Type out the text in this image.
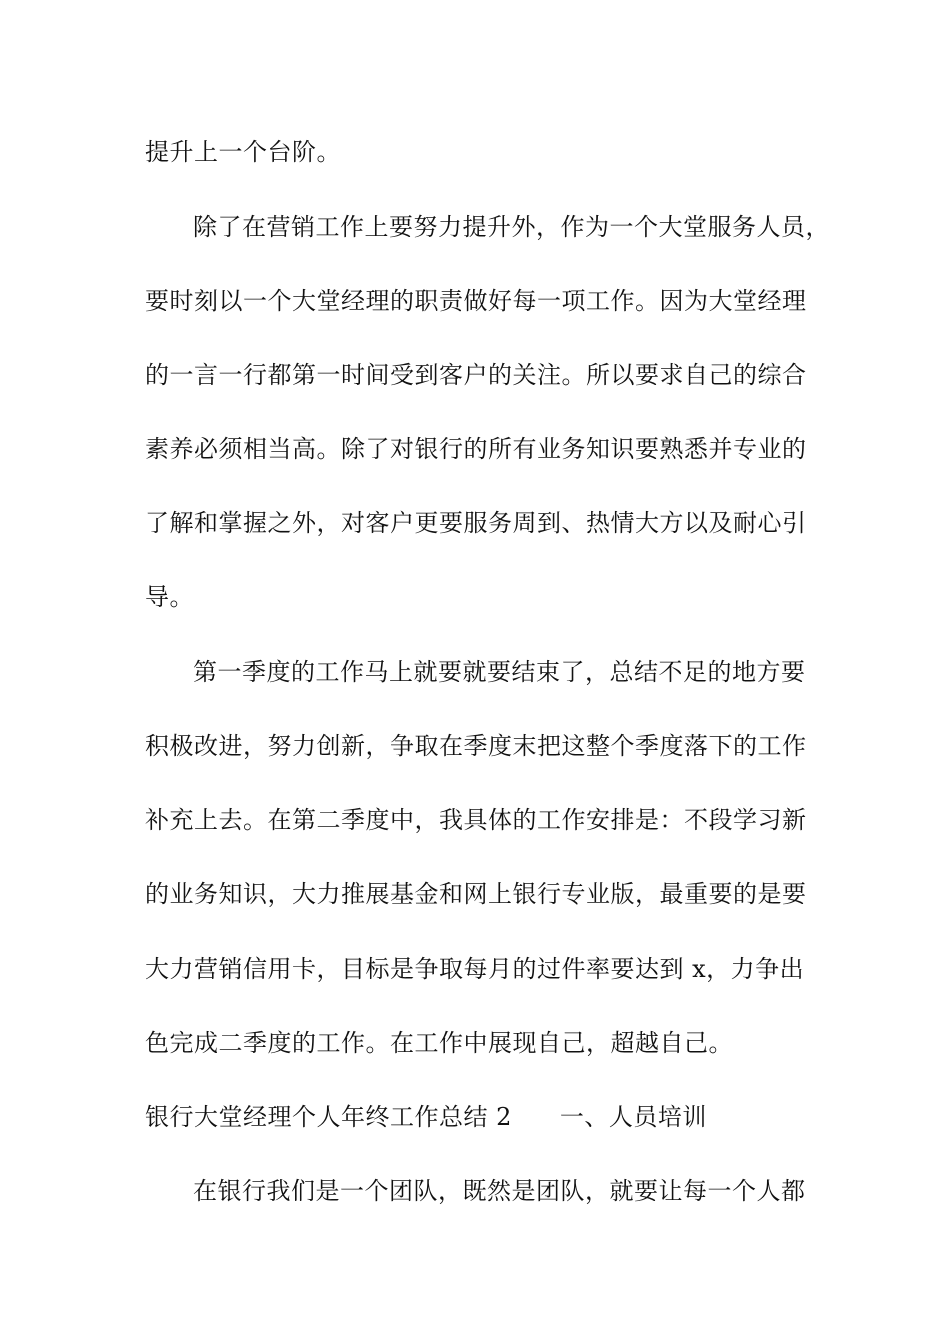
提升上一个台阶。
除了在营销工作上要努力提升外，作为一个大堂服务人员，
要时刻以一个大堂经理的职责做好每一项工作。因为大堂经理
的一言一行都第一时间受到客户的关注。所以要求自己的综合
素养必须相当高。除了对银行的所有业务知识要熟悉并专业的
了解和掌握之外，对客户更要服务周到、热情大方以及耐心引
导。
第一季度的工作马上就要就要结束了，总结不足的地方要
积极改进，努力创新，争取在季度末把这整个季度落下的工作
补充上去。在第二季度中，我具体的工作安排是：不段学习新
的业务知识，大力推展基金和网上银行专业版，最重要的是要
大力营销信用卡，目标是争取每月的过件率要达到 x，力争出
色完成二季度的工作。在工作中展现自己，超越自己。
银行大堂经理个人年终工作总结 2 一、人员培训
在银行我们是一个团队，既然是团队，就要让每一个人都
